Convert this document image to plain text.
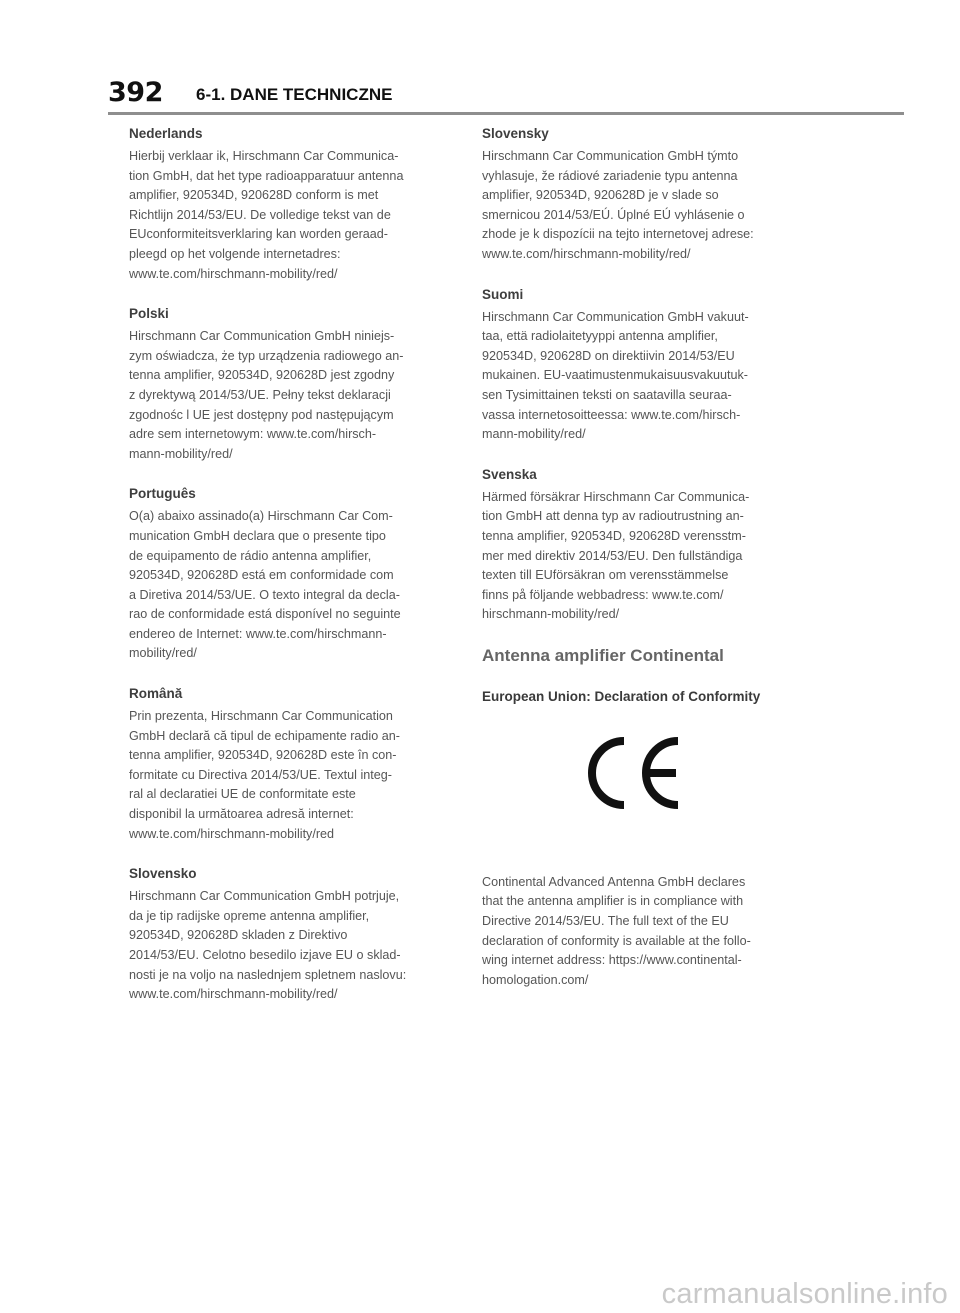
392 6-1. DANE TECHNICZNE
Nederlands
Hierbij verklaar ik, Hirschmann Car Communica-
tion GmbH, dat het type radioapparatuur antenna
amplifier, 920534D, 920628D conform is met
Richtlijn 2014/53/EU. De volledige tekst van de
EUconformiteitsverklaring kan worden geraad-
pleegd op het volgende internetadres:
www.te.com/hirschmann-mobility/red/
Polski
Hirschmann Car Communication GmbH niniejs-
zym oświadcza, że typ urządzenia radiowego an-
tenna amplifier, 920534D, 920628D jest zgodny
z dyrektywą 2014/53/UE. Pełny tekst deklaracji
zgodnośc l UE jest dostępny pod następującym
adre sem internetowym: www.te.com/hirsch-
mann-mobility/red/
Português
O(a) abaixo assinado(a) Hirschmann Car Com-
munication GmbH declara que o presente tipo
de equipamento de rádio antenna amplifier,
920534D, 920628D está em conformidade com
a Diretiva 2014/53/UE. O texto integral da decla-
rao de conformidade está disponível no seguinte
endereo de Internet: www.te.com/hirschmann-
mobility/red/
Română
Prin prezenta, Hirschmann Car Communication
GmbH declară că tipul de echipamente radio an-
tenna amplifier, 920534D, 920628D este în con-
formitate cu Directiva 2014/53/UE. Textul integ-
ral al declaratiei UE de conformitate este
disponibil la următoarea adresă internet:
www.te.com/hirschmann-mobility/red
Slovensko
Hirschmann Car Communication GmbH potrjuje,
da je tip radijske opreme antenna amplifier,
920534D, 920628D skladen z Direktivo
2014/53/EU. Celotno besedilo izjave EU o sklad-
nosti je na voljo na naslednjem spletnem naslovu:
www.te.com/hirschmann-mobility/red/
Slovensky
Hirschmann Car Communication GmbH týmto
vyhlasuje, že rádiové zariadenie typu antenna
amplifier, 920534D, 920628D je v slade so
smernicou 2014/53/EÚ. Úplné EÚ vyhlásenie o
zhode je k dispozícii na tejto internetovej adrese:
www.te.com/hirschmann-mobility/red/
Suomi
Hirschmann Car Communication GmbH vakuut-
taa, että radiolaitetyyppi antenna amplifier,
920534D, 920628D on direktiivin 2014/53/EU
mukainen. EU-vaatimustenmukaisuusvakuutuk-
sen Tysimittainen teksti on saatavilla seuraa-
vassa internetosoitteessa: www.te.com/hirsch-
mann-mobility/red/
Svenska
Härmed försäkrar Hirschmann Car Communica-
tion GmbH att denna typ av radioutrustning an-
tenna amplifier, 920534D, 920628D verensstm-
mer med direktiv 2014/53/EU. Den fullständiga
texten till EUförsäkran om verensstämmelse
finns på följande webbadress: www.te.com/
hirschmann-mobility/red/
Antenna amplifier Continental
European Union: Declaration of Conformity
Continental Advanced Antenna GmbH declares
that the antenna amplifier is in compliance with
Directive 2014/53/EU. The full text of the EU
declaration of conformity is available at the follo-
wing internet address: https://www.continental-
homologation.com/
carmanualsonline.info
